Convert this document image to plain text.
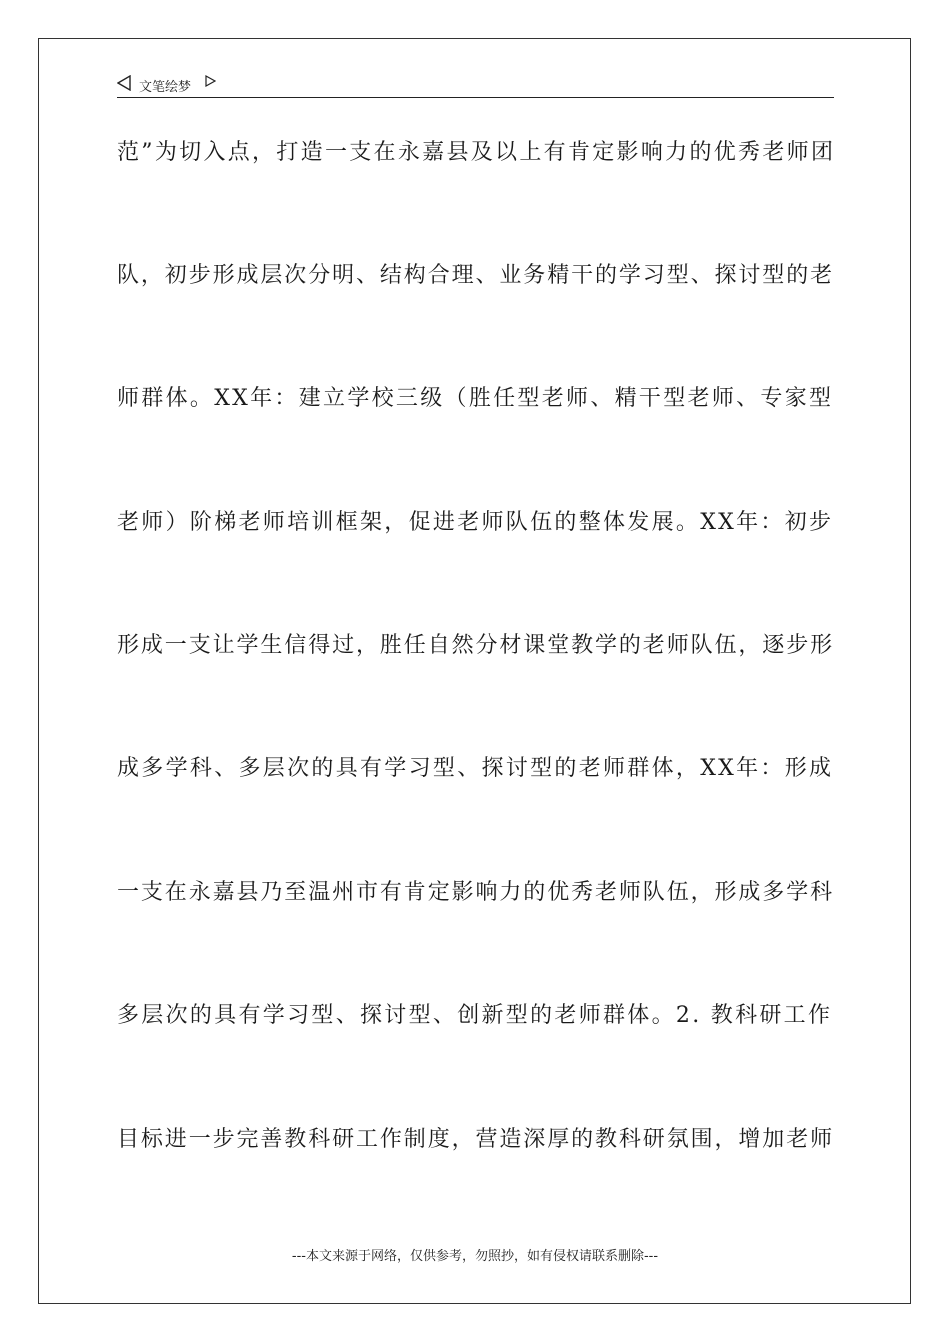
文笔绘梦
范”为切入点，打造一支在永嘉县及以上有肯定影响力的优秀老师团
队，初步形成层次分明、结构合理、业务精干的学习型、探讨型的老
师群体。XX年：建立学校三级（胜任型老师、精干型老师、专家型
老师）阶梯老师培训框架，促进老师队伍的整体发展。XX年：初步
形成一支让学生信得过，胜任自然分材课堂教学的老师队伍，逐步形
成多学科、多层次的具有学习型、探讨型的老师群体，XX年：形成
一支在永嘉县乃至温州市有肯定影响力的优秀老师队伍，形成多学科
多层次的具有学习型、探讨型、创新型的老师群体。2. 教科研工作
目标进一步完善教科研工作制度，营造深厚的教科研氛围，增加老师
---本文来源于网络，仅供参考，勿照抄，如有侵权请联系删除---
